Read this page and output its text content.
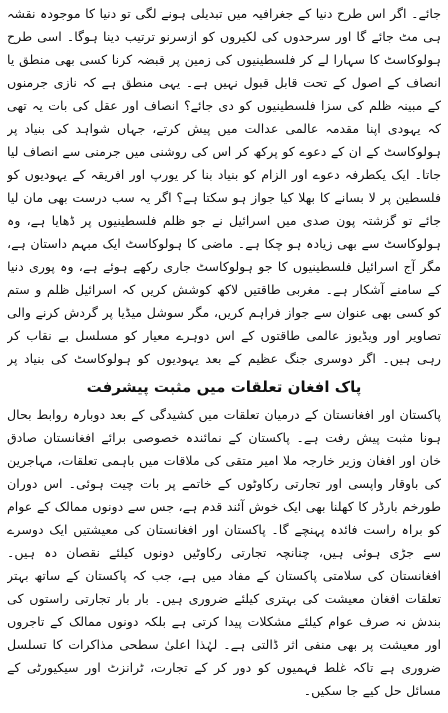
جائے۔ اگر اس طرح دنیا کے جغرافیہ میں تبدیلی ہونے لگی تو دنیا کا موجودہ نقشہ ہی مٹ جائے گا اور سرحدوں کی لکیروں کو ازسرنو ترتیب دینا ہوگا۔ اسی طرح ہولوکاسٹ کا سہارا لے کر فلسطینیوں کی زمین پر قبضہ کرنا کسی بھی منطق یا انصاف کے اصول کے تحت قابل قبول نہیں ہے۔ یہی منطق ہے کہ نازی جرمنوں کے مبینہ ظلم کی سزا فلسطینیوں کو دی جائے؟ انصاف اور عقل کی بات یہ تھی کہ یہودی اپنا مقدمہ عالمی عدالت میں پیش کرتے، جہاں شواہد کی بنیاد پر ہولوکاسٹ کے ان کے دعوے کو پرکھ کر اس کی روشنی میں جرمنی سے انصاف لیا جاتا۔ ایک یکطرفہ دعوے اور الزام کو بنیاد بنا کر یورپ اور افریقہ کے یہودیوں کو فلسطین پر لا بسانے کا بھلا کیا جواز ہو سکتا ہے؟ اگر یہ سب درست بھی مان لیا جائے تو گزشتہ پون صدی میں اسرائیل نے جو ظلم فلسطینیوں پر ڈھایا ہے، وہ ہولوکاسٹ سے بھی زیادہ ہو چکا ہے۔ ماضی کا ہولوکاسٹ ایک مبہم داستان ہے، مگر آج اسرائیل فلسطینیوں کا جو ہولوکاسٹ جاری رکھے ہوئے ہے، وہ پوری دنیا کے سامنے آشکار ہے۔ مغربی طاقتیں لاکھ کوشش کریں کہ اسرائیل ظلم و ستم کو کسی بھی عنوان سے جواز فراہم کریں، مگر سوشل میڈیا پر گردش کرنے والی تصاویر اور ویڈیوز عالمی طاقتوں کے اس دوہرے معیار کو مسلسل بے نقاب کر رہی ہیں۔ اگر دوسری جنگ عظیم کے بعد یہودیوں کو ہولوکاسٹ کی بنیاد پر

پاک افغان تعلقات میں مثبت پیشرفت

پاکستان اور افغانستان کے درمیان تعلقات میں کشیدگی کے بعد دوبارہ روابط بحال ہونا مثبت پیش رفت ہے۔ پاکستان کے نمائندہ خصوصی برائے افغانستان صادق خان اور افغان وزیر خارجہ ملا امیر متقی کی ملاقات میں باہمی تعلقات، مہاجرین کی باوقار واپسی اور تجارتی رکاوٹوں کے خاتمے پر بات چیت ہوئی۔ اس دوران طورخم بارڈر کا کھلنا بھی ایک خوش آئند قدم ہے، جس سے دونوں ممالک کے عوام کو براہ راست فائدہ پہنچے گا۔ پاکستان اور افغانستان کی معیشتیں ایک دوسرے سے جڑی ہوئی ہیں، چنانچہ تجارتی رکاوٹیں دونوں کیلئے نقصان دہ ہیں۔ افغانستان کی سلامتی پاکستان کے مفاد میں ہے، جب کہ پاکستان کے ساتھ بہتر تعلقات افغان معیشت کی بہتری کیلئے ضروری ہیں۔ بار بار تجارتی راستوں کی بندش نہ صرف عوام کیلئے مشکلات پیدا کرتی ہے بلکہ دونوں ممالک کے تاجروں اور معیشت پر بھی منفی اثر ڈالتی ہے۔ لہٰذا اعلیٰ سطحی مذاکرات کا تسلسل ضروری ہے تاکہ غلط فہمیوں کو دور کر کے تجارت، ٹرانزٹ اور سیکیورٹی کے مسائل حل کیے جا سکیں۔
